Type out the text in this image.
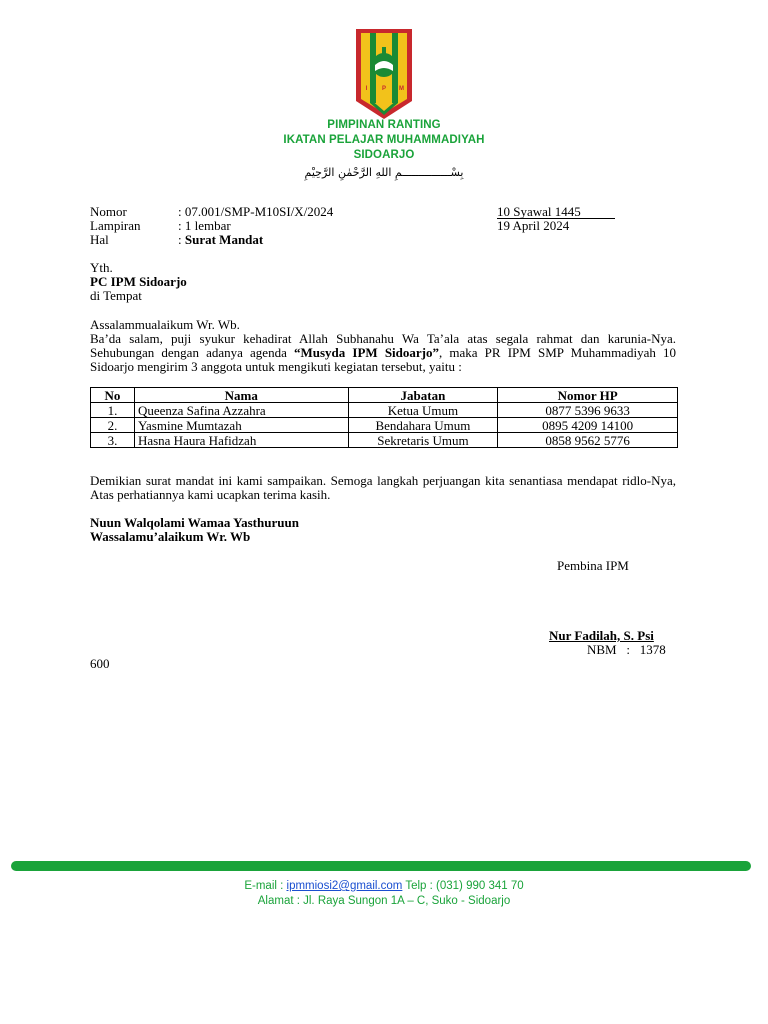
I P M
PIMPINAN RANTING
IKATAN PELAJAR MUHAMMADIYAH
SIDOARJO
بِسْـــــــــــــــمِ اللهِ الرَّحْمٰنِ الرَّحِيْمِ
Nomor	: 07.001/SMP-M10SI/X/2024
Lampiran	: 1 lembar
Hal	: Surat Mandat
10 Syawal 1445
19 April 2024
Yth.
PC IPM Sidoarjo
di Tempat
Assalammualaikum Wr. Wb.

Ba’da salam, puji syukur kehadirat Allah Subhanahu Wa Ta’ala atas segala rahmat dan karunia-Nya. Sehubungan dengan adanya agenda “Musyda IPM Sidoarjo”, maka PR IPM SMP Muhammadiyah 10 Sidoarjo mengirim 3 anggota untuk mengikuti kegiatan tersebut, yaitu :

No	Nama	Jabatan	Nomor HP
1.	Queenza Safina Azzahra	Ketua Umum	0877 5396 9633
2.	Yasmine Mumtazah	Bendahara Umum	0895 4209 14100
3.	Hasna Haura Hafidzah	Sekretaris Umum	0858 9562 5776

Demikian surat mandat ini kami sampaikan. Semoga langkah perjuangan kita senantiasa mendapat ridlo-Nya, Atas perhatiannya kami ucapkan terima kasih.

Nuun Walqolami Wamaa Yasthuruun
Wassalamu’alaikum Wr. Wb
Pembina IPM
Nur Fadilah, S. Psi
NBM   :   1378
600
E-mail : ipmmiosi2@gmail.com Telp : (031) 990 341 70
Alamat : Jl. Raya Sungon 1A – C, Suko - Sidoarjo
